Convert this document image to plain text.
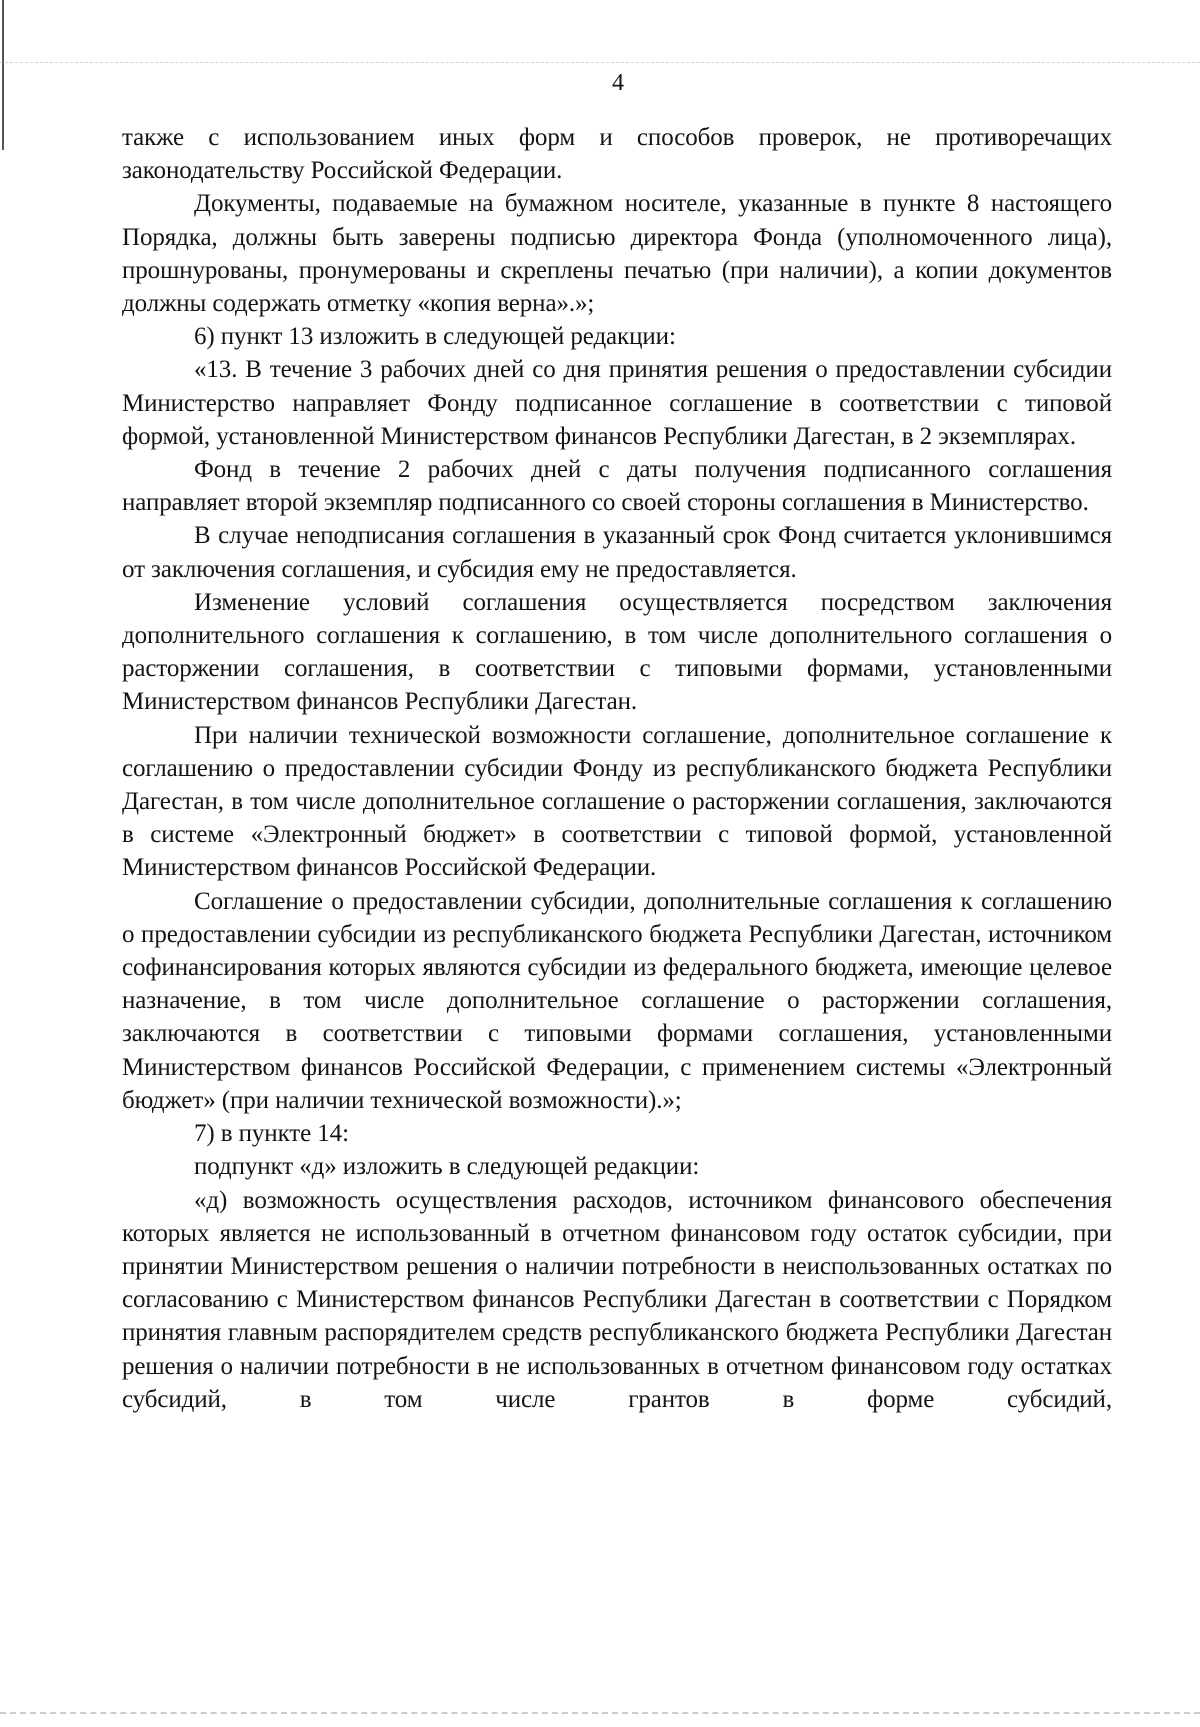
4

также с использованием иных форм и способов проверок, не противоречащих законодательству Российской Федерации.

Документы, подаваемые на бумажном носителе, указанные в пункте 8 настоящего Порядка, должны быть заверены подписью директора Фонда (уполномоченного лица), прошнурованы, пронумерованы и скреплены печатью (при наличии), а копии документов должны содержать отметку «копия верна».»;

6) пункт 13 изложить в следующей редакции:

«13. В течение 3 рабочих дней со дня принятия решения о предоставлении субсидии Министерство направляет Фонду подписанное соглашение в соответствии с типовой формой, установленной Министерством финансов Республики Дагестан, в 2 экземплярах.

Фонд в течение 2 рабочих дней с даты получения подписанного соглашения направляет второй экземпляр подписанного со своей стороны соглашения в Министерство.

В случае неподписания соглашения в указанный срок Фонд считается уклонившимся от заключения соглашения, и субсидия ему не предоставляется.

Изменение условий соглашения осуществляется посредством заключения дополнительного соглашения к соглашению, в том числе дополнительного соглашения о расторжении соглашения, в соответствии с типовыми формами, установленными Министерством финансов Республики Дагестан.

При наличии технической возможности соглашение, дополнительное соглашение к соглашению о предоставлении субсидии Фонду из республиканского бюджета Республики Дагестан, в том числе дополнительное соглашение о расторжении соглашения, заключаются в системе «Электронный бюджет» в соответствии с типовой формой, установленной Министерством финансов Российской Федерации.

Соглашение о предоставлении субсидии, дополнительные соглашения к соглашению о предоставлении субсидии из республиканского бюджета Республики Дагестан, источником софинансирования которых являются субсидии из федерального бюджета, имеющие целевое назначение, в том числе дополнительное соглашение о расторжении соглашения, заключаются в соответствии с типовыми формами соглашения, установленными Министерством финансов Российской Федерации, с применением системы «Электронный бюджет» (при наличии технической возможности).»;

7) в пункте 14:

подпункт «д» изложить в следующей редакции:

«д) возможность осуществления расходов, источником финансового обеспечения которых является не использованный в отчетном финансовом году остаток субсидии, при принятии Министерством решения о наличии потребности в неиспользованных остатках по согласованию с Министерством финансов Республики Дагестан в соответствии с Порядком принятия главным распорядителем средств республиканского бюджета Республики Дагестан решения о наличии потребности в не использованных в отчетном финансовом году остатках субсидий, в том числе грантов в форме субсидий,
